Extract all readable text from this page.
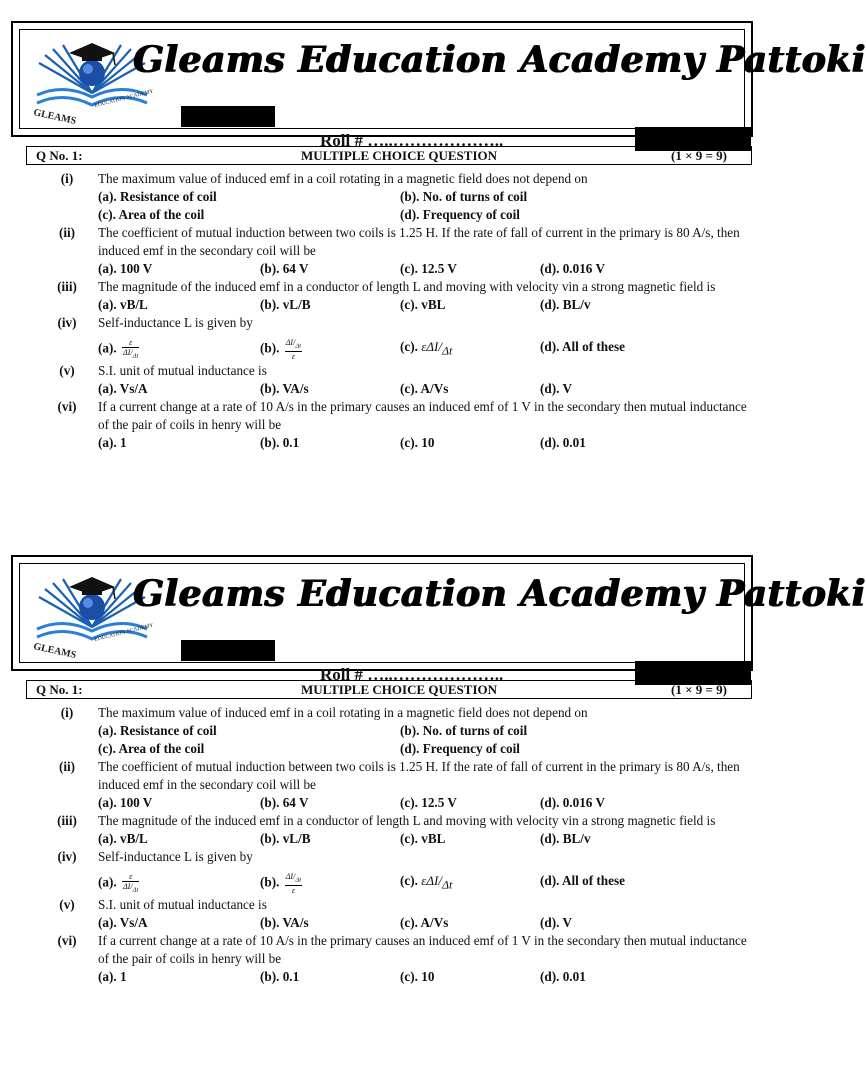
GLEAMS
EDUCATION ACADEMY
Gleams Education Academy Pattoki
Roll # …..………………..
Q No. 1:	MULTIPLE CHOICE QUESTION	(1 × 9 = 9)
(i)	The maximum value of induced emf in a coil rotating in a magnetic field does not depend on
(a). Resistance of coil	(b). No. of turns of coil
(c). Area of the coil	(d). Frequency of coil
(ii)	The coefficient of mutual induction between two coils is 1.25 H. If the rate of fall of current in the primary is 80 A/s, then induced emf in the secondary coil will be
(a). 100 V	(b). 64 V	(c). 12.5 V	(d). 0.016 V
(iii)	The magnitude of the induced emf in a conductor of length L and moving with velocity vin a strong magnetic field is
(a). vB/L	(b). vL/B	(c). vBL	(d). BL/v
(iv)	Self-inductance L is given by
(a). $\frac{\varepsilon}{\Delta I/_{\Delta t}}$	(b). $\frac{\Delta I/_{\Delta t}}{\varepsilon}$	(c). εΔI/$_{\Delta t}$	(d). All of these
(v)	S.I. unit of mutual inductance is
(a). Vs/A	(b). VA/s	(c). A/Vs	(d). V
(vi)	If a current change at a rate of 10 A/s in the primary causes an induced emf of 1 V in the secondary then mutual inductance of the pair of coils in henry will be
(a). 1	(b). 0.1	(c). 10	(d). 0.01
GLEAMS
EDUCATION ACADEMY
Gleams Education Academy Pattoki
Roll # …..………………..
Q No. 1:	MULTIPLE CHOICE QUESTION	(1 × 9 = 9)
(i)	The maximum value of induced emf in a coil rotating in a magnetic field does not depend on
(a). Resistance of coil	(b). No. of turns of coil
(c). Area of the coil	(d). Frequency of coil
(ii)	The coefficient of mutual induction between two coils is 1.25 H. If the rate of fall of current in the primary is 80 A/s, then induced emf in the secondary coil will be
(a). 100 V	(b). 64 V	(c). 12.5 V	(d). 0.016 V
(iii)	The magnitude of the induced emf in a conductor of length L and moving with velocity vin a strong magnetic field is
(a). vB/L	(b). vL/B	(c). vBL	(d). BL/v
(iv)	Self-inductance L is given by
(a). $\frac{\varepsilon}{\Delta I/_{\Delta t}}$	(b). $\frac{\Delta I/_{\Delta t}}{\varepsilon}$	(c). εΔI/$_{\Delta t}$	(d). All of these
(v)	S.I. unit of mutual inductance is
(a). Vs/A	(b). VA/s	(c). A/Vs	(d). V
(vi)	If a current change at a rate of 10 A/s in the primary causes an induced emf of 1 V in the secondary then mutual inductance of the pair of coils in henry will be
(a). 1	(b). 0.1	(c). 10	(d). 0.01
